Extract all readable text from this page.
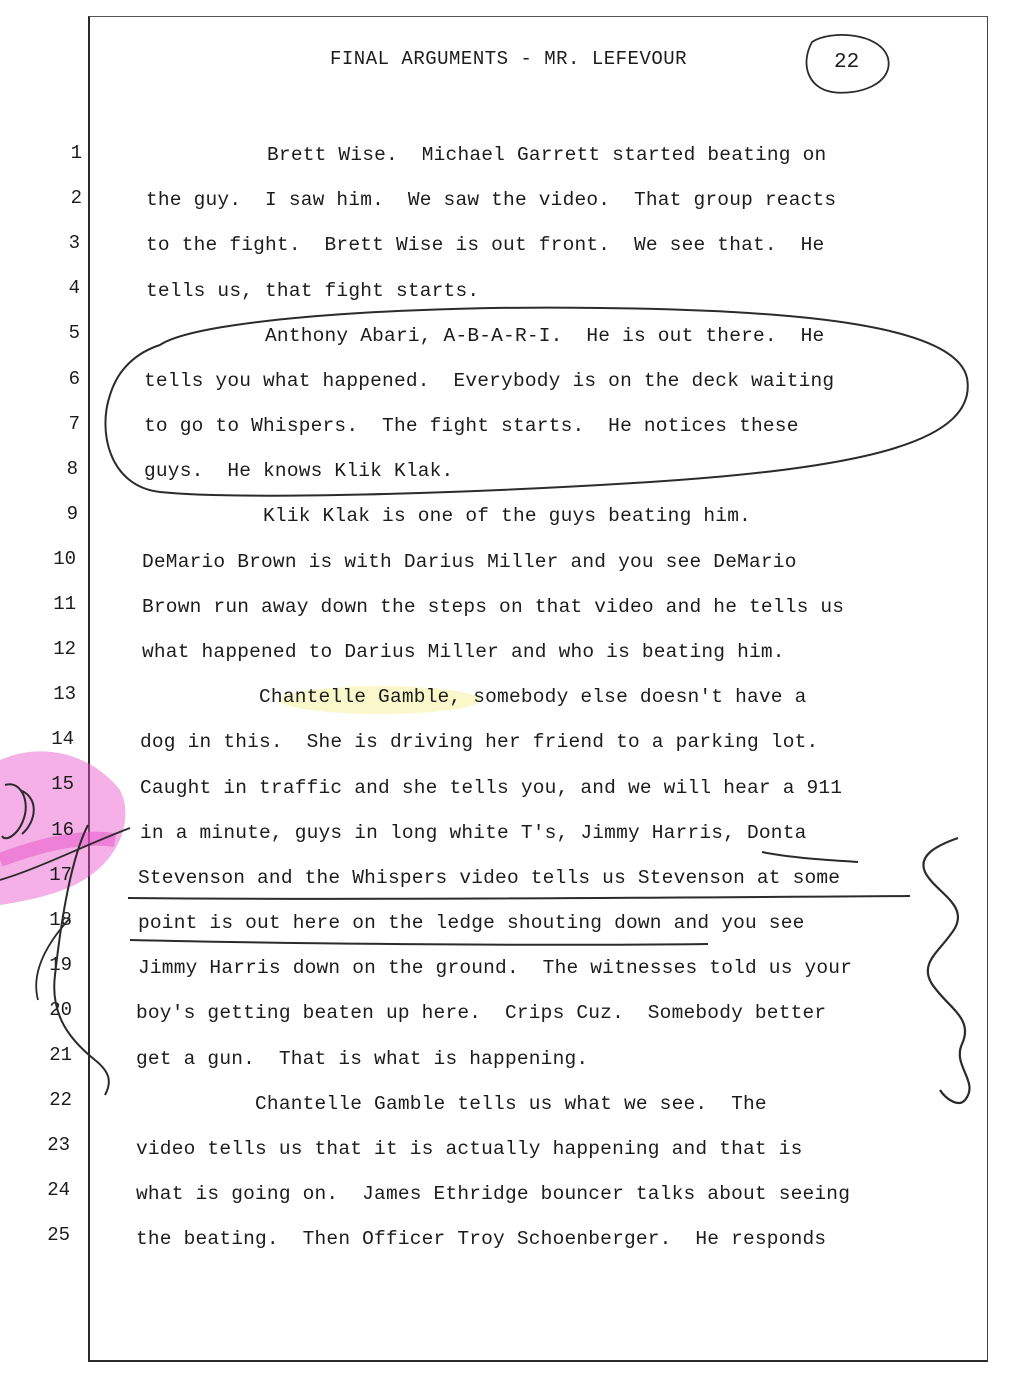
FINAL ARGUMENTS - MR. LEFEVOUR	22
1	Brett Wise.  Michael Garrett started beating on
2	the guy.  I saw him.  We saw the video.  That group reacts
3	to the fight.  Brett Wise is out front.  We see that.  He
4	tells us, that fight starts.
5	Anthony Abari, A-B-A-R-I.  He is out there.  He
6	tells you what happened.  Everybody is on the deck waiting
7	to go to Whispers.  The fight starts.  He notices these
8	guys.  He knows Klik Klak.
9	Klik Klak is one of the guys beating him.
10	DeMario Brown is with Darius Miller and you see DeMario
11	Brown run away down the steps on that video and he tells us
12	what happened to Darius Miller and who is beating him.
13	Chantelle Gamble, somebody else doesn't have a
14	dog in this.  She is driving her friend to a parking lot.
15	Caught in traffic and she tells you, and we will hear a 911
16	in a minute, guys in long white T's, Jimmy Harris, Donta
17	Stevenson and the Whispers video tells us Stevenson at some
18	point is out here on the ledge shouting down and you see
19	Jimmy Harris down on the ground.  The witnesses told us your
20	boy's getting beaten up here.  Crips Cuz.  Somebody better
21	get a gun.  That is what is happening.
22	Chantelle Gamble tells us what we see.  The
23	video tells us that it is actually happening and that is
24	what is going on.  James Ethridge bouncer talks about seeing
25	the beating.  Then Officer Troy Schoenberger.  He responds
